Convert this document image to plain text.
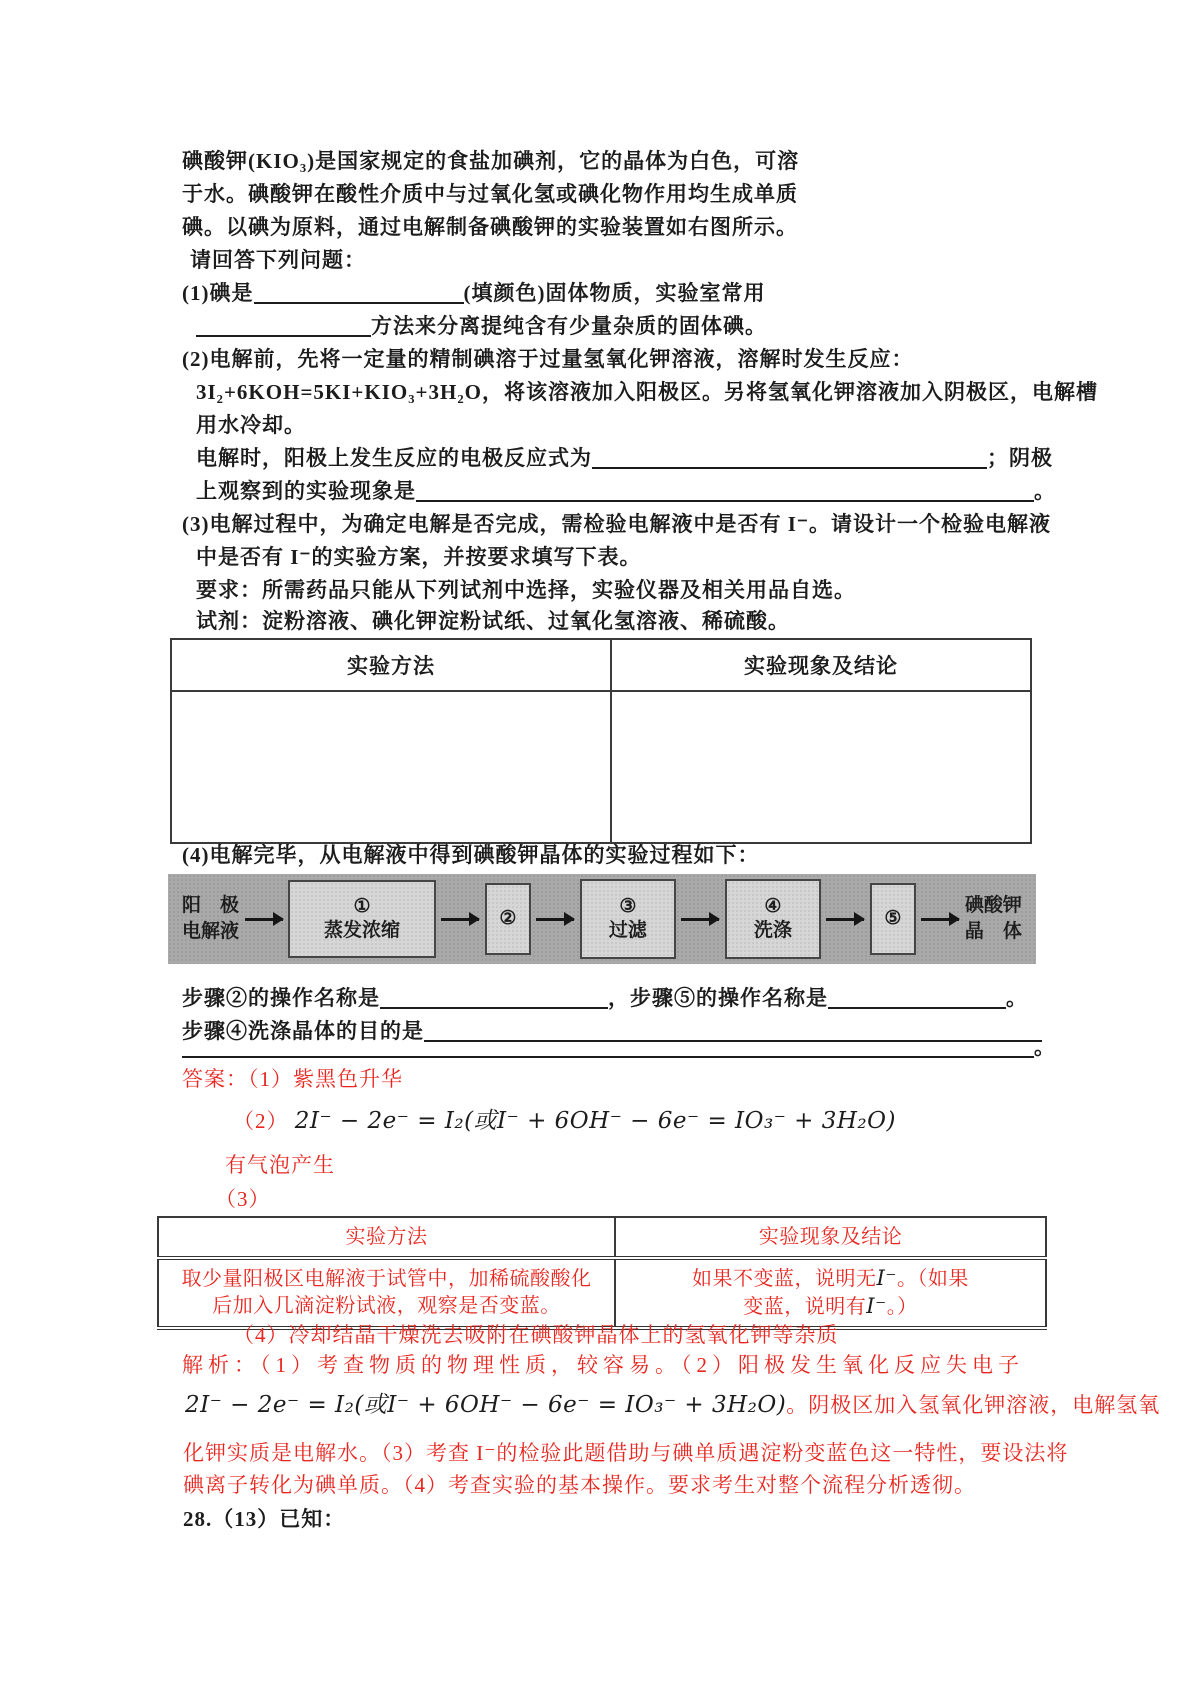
碘酸钾(KIO₃)是国家规定的食盐加碘剂，它的晶体为白色，可溶
于水。碘酸钾在酸性介质中与过氧化氢或碘化物作用均生成单质
碘。以碘为原料，通过电解制备碘酸钾的实验装置如右图所示。
请回答下列问题：
(1)碘是	(填颜色)固体物质，实验室常用
方法来分离提纯含有少量杂质的固体碘。
(2)电解前，先将一定量的精制碘溶于过量氢氧化钾溶液，溶解时发生反应：
3I₂+6KOH=5KI+KIO₃+3H₂O，将该溶液加入阳极区。另将氢氧化钾溶液加入阴极区，电解槽
用水冷却。
电解时，阳极上发生反应的电极反应式为	；阴极
上观察到的实验现象是	。
(3)电解过程中，为确定电解是否完成，需检验电解液中是否有 I⁻。请设计一个检验电解液
中是否有 I⁻的实验方案，并按要求填写下表。
要求：所需药品只能从下列试剂中选择，实验仪器及相关用品自选。
试剂：淀粉溶液、碘化钾淀粉试纸、过氧化氢溶液、稀硫酸。
实验方法	实验现象及结论

(4)电解完毕，从电解液中得到碘酸钾晶体的实验过程如下：
阳　极
电解液
①
蒸发浓缩
②
③
过滤
④
洗涤
⑤
碘酸钾
晶　体
步骤②的操作名称是	，步骤⑤的操作名称是	。
步骤④洗涤晶体的目的是
。
答案：（1）紫黑色升华
（2） 2I⁻ − 2e⁻ = I₂(或I⁻ + 6OH⁻ − 6e⁻ = IO₃⁻ + 3H₂O)
有气泡产生
（3）
实验方法	实验现象及结论
取少量阳极区电解液于试管中，加稀硫酸酸化后加入几滴淀粉试液，观察是否变蓝。	如果不变蓝，说明无I⁻。（如果
变蓝，说明有I⁻。）
（4）冷却结晶干燥洗去吸附在碘酸钾晶体上的氢氧化钾等杂质
解析：（1）考查物质的物理性质，较容易。（2）阳极发生氧化反应失电子
2I⁻ − 2e⁻ = I₂(或I⁻ + 6OH⁻ − 6e⁻ = IO₃⁻ + 3H₂O)。阴极区加入氢氧化钾溶液，电解氢氧
化钾实质是电解水。（3）考查 I⁻的检验此题借助与碘单质遇淀粉变蓝色这一特性，要设法将
碘离子转化为碘单质。（4）考查实验的基本操作。要求考生对整个流程分析透彻。
28.（13）已知：
